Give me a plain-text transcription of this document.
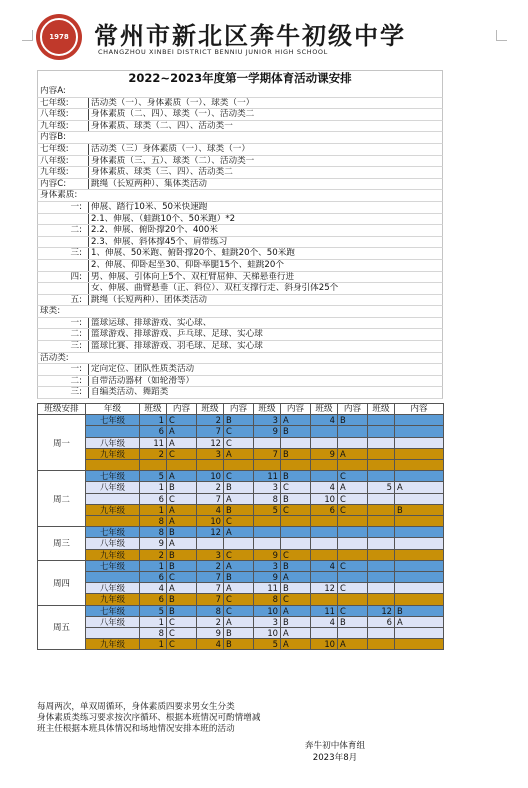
1978	常州市新北区奔牛初级中学
CHANGZHOU XINBEI DISTRICT BENNIU JUNIOR HIGH SCHOOL
2022~2023年度第一学期体育活动课安排
内容A:
七年级:	活动类（一）、身体素质（一）、球类（一）
八年级:	身体素质（二、四）、球类（一）、活动类二
九年级:	身体素质、球类（二、四）、活动类一
内容B:
七年级:	活动类（三）身体素质（一）、球类（一）
八年级:	身体素质（三、五）、球类（二）、活动类一
九年级:	身体素质、球类（三、四）、活动类二
内容C:	跳绳（长短两种）、集体类活动
身体素质:
一: 伸展、踏行10米、50米快速跑
2.1、伸展、（蛙跳10个、50米跑）*2
二: 2.2、伸展、俯卧撑20个、400米
2.3、伸展、斜体撑45个、肩带练习
三: 1、伸展、50米跑、俯卧撑20个、蛙跳20个、50米跑
2、伸展、仰卧起坐30、仰卧举腿15个、蛙跳20个
四: 男、伸展、引体向上5个、双杠臂屈伸、天梯悬垂行进
女、伸展、曲臂悬垂（正、斜位）、双杠支撑行走、斜身引体25个
五: 跳绳（长短两种）、团体类活动
球类:
一: 篮球运球、排球游戏、实心球、
二: 篮球游戏、排球游戏、乒乓球、足球、实心球
三: 篮球比赛、排球游戏、羽毛球、足球、实心球
活动类:
一: 定向定位、团队性质类活动
二: 自带活动器材（如轮滑等）
三: 自编类活动、舞蹈类
班级安排	年级	班级	内容	班级	内容	班级	内容	班级	内容	班级	内容
周一	七年级	1	C	2	B	3	A	4	B		
		6	A	7	C	9	B				
	八年级	11	A	12	C						
	九年级	2	C	3	A	7	B	9	A		

周二	七年级	5	A	10	C	11	B		C		
	八年级	1	B	2	B	3	C	4	A	5	A
		6	C	7	A	8	B	10	C		
	九年级	1	A	4	B	5	C	6	C		B
		8	A	10	C						
周三	七年级	8	B	12	A						
	八年级	9	A								
	九年级	2	B	3	C	9	C				
周四	七年级	1	B	2	A	3	B	4	C		
		6	C	7	B	9	A				
	八年级	4	A	7	A	11	B	12	C		
	九年级	6	B	7	C	8	C				
周五	七年级	5	B	8	C	10	A	11	C	12	B
	八年级	1	C	2	A	3	B	4	B	6	A
		8	C	9	B	10	A				
	九年级	1	C	4	B	5	A	10	A		
每周两次，单双周循环，身体素质四要求男女生分类
身体素质类练习要求按次序循环、根据本班情况可酌情增减
班主任根据本班具体情况和场地情况安排本班的活动
奔牛初中体育组
2023年8月
